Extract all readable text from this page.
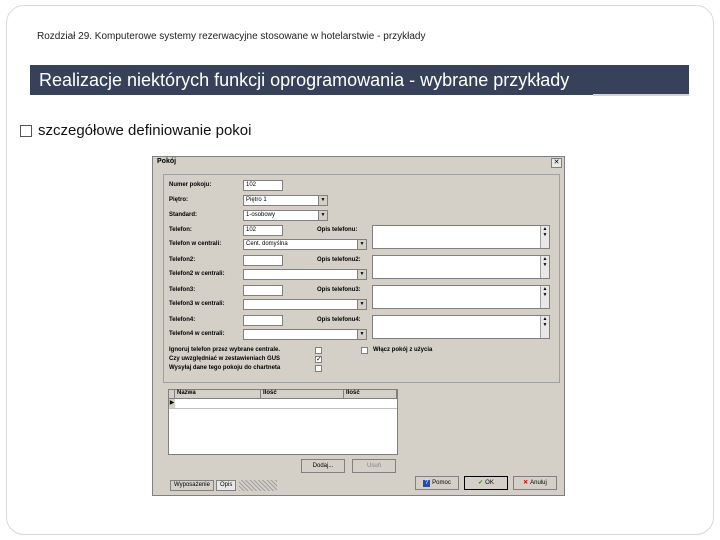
Rozdział 29. Komputerowe systemy rezerwacyjne stosowane w hotelarstwie - przykłady
Realizacje niektórych funkcji oprogramowania - wybrane przykłady
szczegółowe definiowanie pokoi
Pokój	✕
Numer pokoju:	102
Piętro:	Piętro 1	▼
Standard:	1-osobowy	▼
Telefon:	102	Opis telefonu:	▲
▼
Telefon w centrali:	Cent. domyślna	▼
Telefon2:	Opis telefonu2:	▲
▼
Telefon2 w centrali:	▼
Telefon3:	Opis telefonu3:	▲
▼
Telefon3 w centrali:	▼
Telefon4:	Opis telefonu4:	▲
▼
Telefon4 w centrali:	▼
Ignoruj telefon przez wybrane centrale.
Czy uwzględniać w zestawieniach GUS	✓
Wysyłaj dane tego pokoju do chartneta
Włącz pokój z użycia
Nazwa	Ilość	Ilość
▶
Dodaj...	Usuń
Wyposażenie	Opis	? Pomoc	✓ OK	✕ Anuluj
